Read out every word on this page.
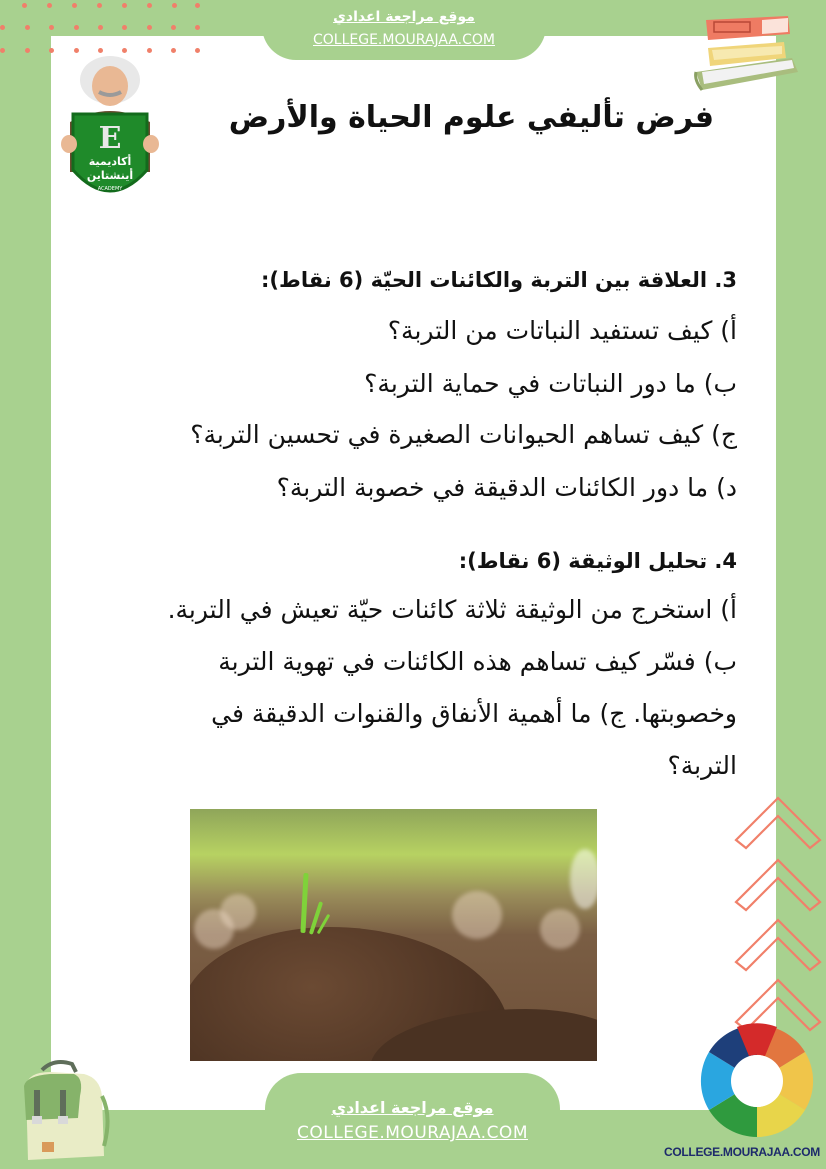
موقع مراجعة اعدادي
COLLEGE.MOURAJAA.COM
E
أكاديمية
أينشتاين
ACADEMY
فرض تأليفي علوم الحياة والأرض
3. العلاقة بين التربة والكائنات الحيّة (6 نقاط):
أ) كيف تستفيد النباتات من التربة؟
ب) ما دور النباتات في حماية التربة؟
ج) كيف تساهم الحيوانات الصغيرة في تحسين التربة؟
د) ما دور الكائنات الدقيقة في خصوبة التربة؟
4. تحليل الوثيقة (6 نقاط):
أ) استخرج من الوثيقة ثلاثة كائنات حيّة تعيش في التربة.
ب) فسّر كيف تساهم هذه الكائنات في تهوية التربة
وخصوبتها. ج) ما أهمية الأنفاق والقنوات الدقيقة في
التربة؟
COLLEGE.MOURAJAA.COM
موقع مراجعة اعدادي
COLLEGE.MOURAJAA.COM
